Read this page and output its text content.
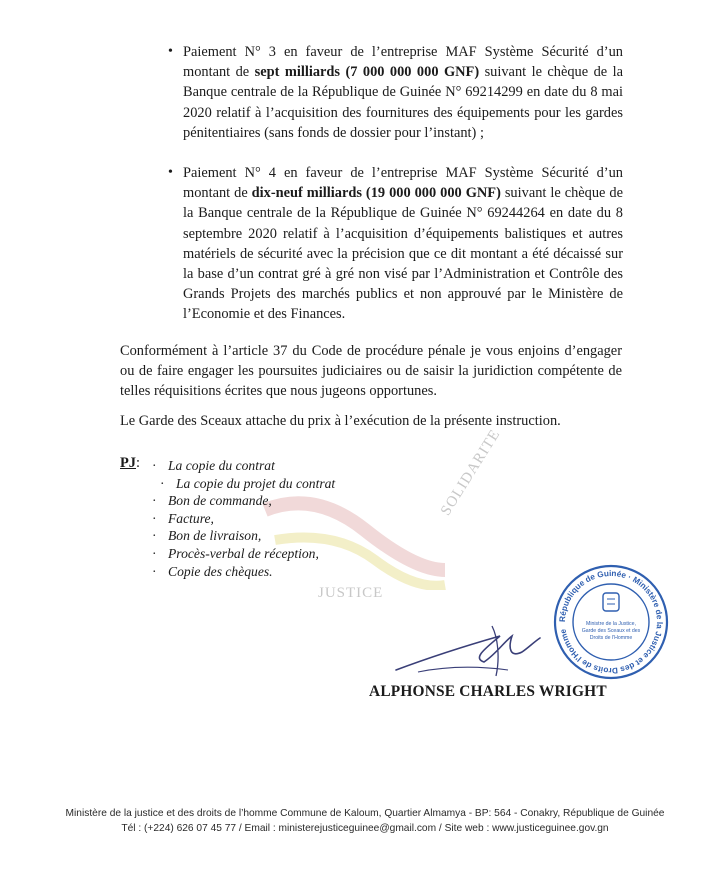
• Paiement N° 3 en faveur de l’entreprise MAF Système Sécurité d’un montant de sept milliards (7 000 000 000 GNF) suivant le chèque de la Banque centrale de la République de Guinée N° 69214299 en date du 8 mai 2020 relatif à l’acquisition des fournitures des équipements pour les gardes pénitentiaires (sans fonds de dossier pour l’instant) ;

• Paiement N° 4 en faveur de l’entreprise MAF Système Sécurité d’un montant de dix-neuf milliards (19 000 000 000 GNF) suivant le chèque de la Banque centrale de la République de Guinée N° 69244264 en date du 8 septembre 2020 relatif à l’acquisition d’équipements balistiques et autres matériels de sécurité avec la précision que ce dit montant a été décaissé sur la base d’un contrat gré à gré non visé par l’Administration et Contrôle des Grands Projets des marchés publics et non approuvé par le Ministère de l’Economie et des Finances.

Conformément à l’article 37 du Code de procédure pénale je vous enjoins d’engager ou de faire engager les poursuites judiciaires ou de saisir la juridiction compétente de telles réquisitions écrites que nous jugeons opportunes.

Le Garde des Sceaux attache du prix à l’exécution de la présente instruction.

SOLIDARITE
JUSTICE
PJ:
·	La copie du contrat
· La copie du projet du contrat
· Bon de commande,
· Facture,
· Bon de livraison,
· Procès-verbal de réception,
· Copie des chèques.
République de Guinée · Ministère de la Justice et des Droits de l'Homme
Ministre de la Justice,
Garde des Sceaux et des
Droits de l'Homme
ALPHONSE CHARLES WRIGHT
Ministère de la justice et des droits de l’homme Commune de Kaloum, Quartier Almamya - BP: 564 - Conakry, République de Guinée
Tél : (+224) 626 07 45 77 / Email : ministerejusticeguinee@gmail.com / Site web : www.justiceguinee.gov.gn
